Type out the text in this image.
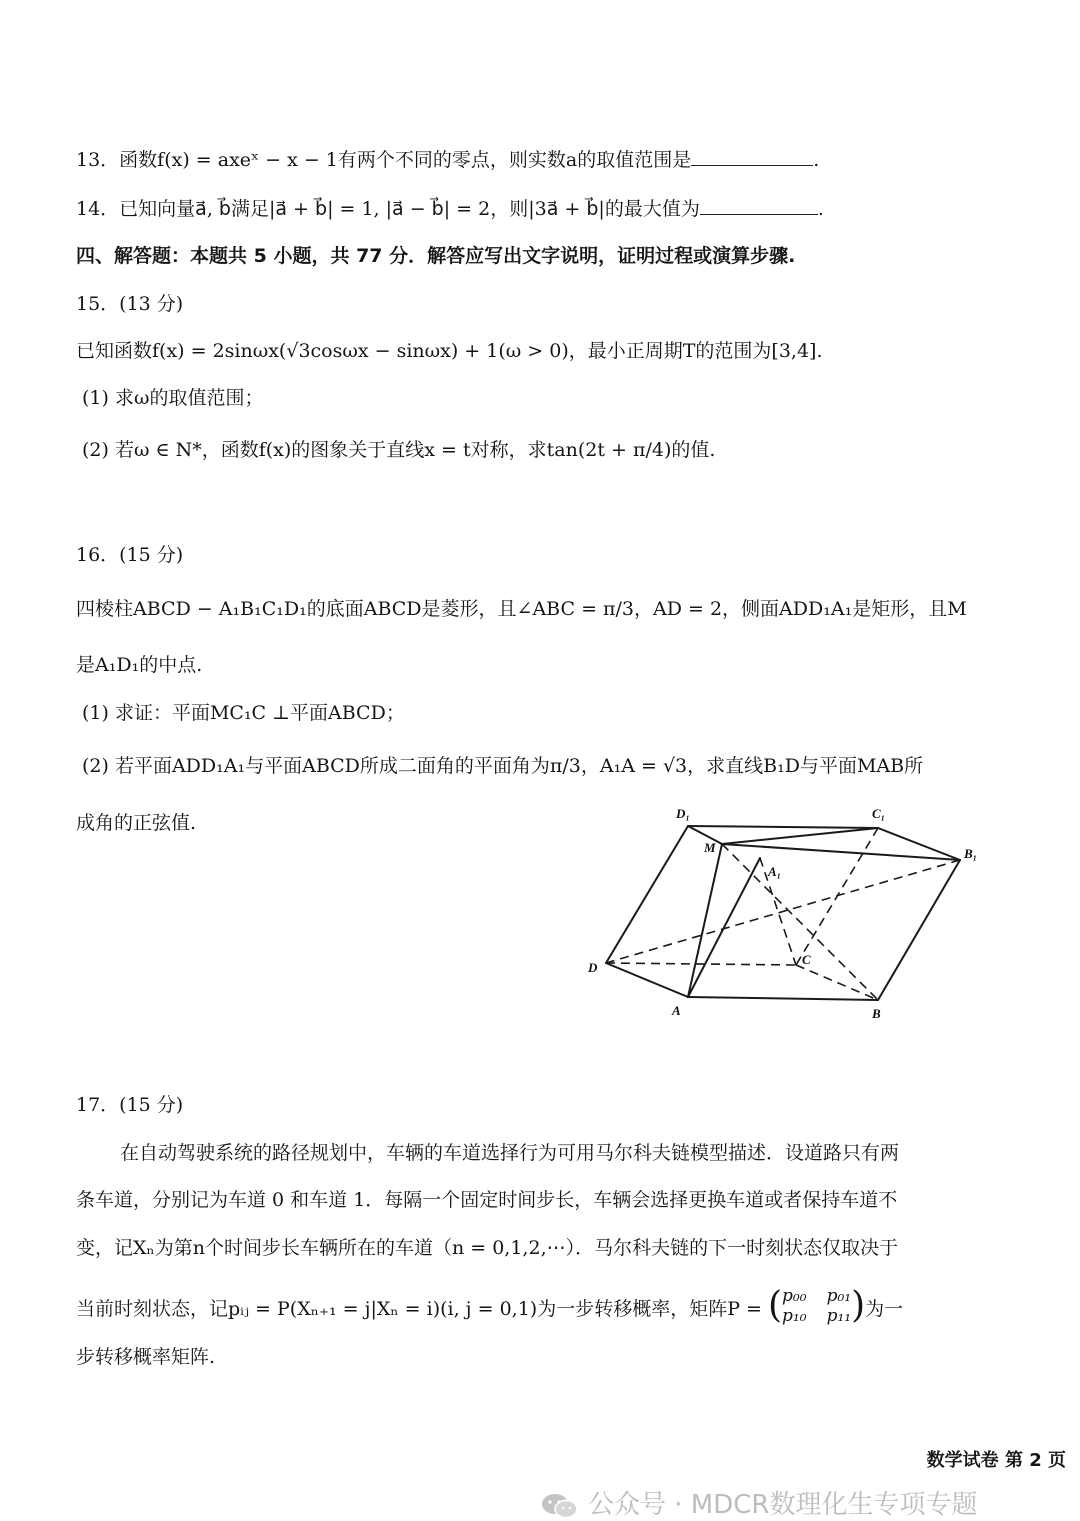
13．函数f(x) = axeˣ − x − 1有两个不同的零点，则实数a的取值范围是	.
14．已知向量a⃗, b⃗满足|a⃗ + b⃗| = 1, |a⃗ − b⃗| = 2，则|3a⃗ + b⃗|的最大值为	.
四、解答题：本题共 5 小题，共 77 分．解答应写出文字说明，证明过程或演算步骤.
15．(13 分)
已知函数f(x) = 2sinωx(√3cosωx − sinωx) + 1(ω > 0)，最小正周期T的范围为[3,4].
(1) 求ω的取值范围；
(2) 若ω ∈ N*，函数f(x)的图象关于直线x = t对称，求tan(2t + π/4)的值.
16．(15 分)
四棱柱ABCD − A₁B₁C₁D₁的底面ABCD是菱形，且∠ABC = π/3，AD = 2，侧面ADD₁A₁是矩形，且M
是A₁D₁的中点.
(1) 求证：平面MC₁C ⊥平面ABCD；
(2) 若平面ADD₁A₁与平面ABCD所成二面角的平面角为π/3，A₁A = √3，求直线B₁D与平面MAB所
成角的正弦值.	D₁	C₁
M	B₁
A₁
C
D
A	B
17．(15 分)
在自动驾驶系统的路径规划中，车辆的车道选择行为可用马尔科夫链模型描述．设道路只有两
条车道，分别记为车道 0 和车道 1．每隔一个固定时间步长，车辆会选择更换车道或者保持车道不
变，记Xₙ为第n个时间步长车辆所在的车道（n = 0,1,2,⋯）．马尔科夫链的下一时刻状态仅取决于
当前时刻状态，记pᵢⱼ = P(Xₙ₊₁ = j|Xₙ = i)(i, j = 0,1)为一步转移概率，矩阵P = ( p₀₀ p₀₁
p₁₀ p₁₁ )为一
步转移概率矩阵.
数学试卷 第 2 页
公众号 · MDCR数理化生专项专题
